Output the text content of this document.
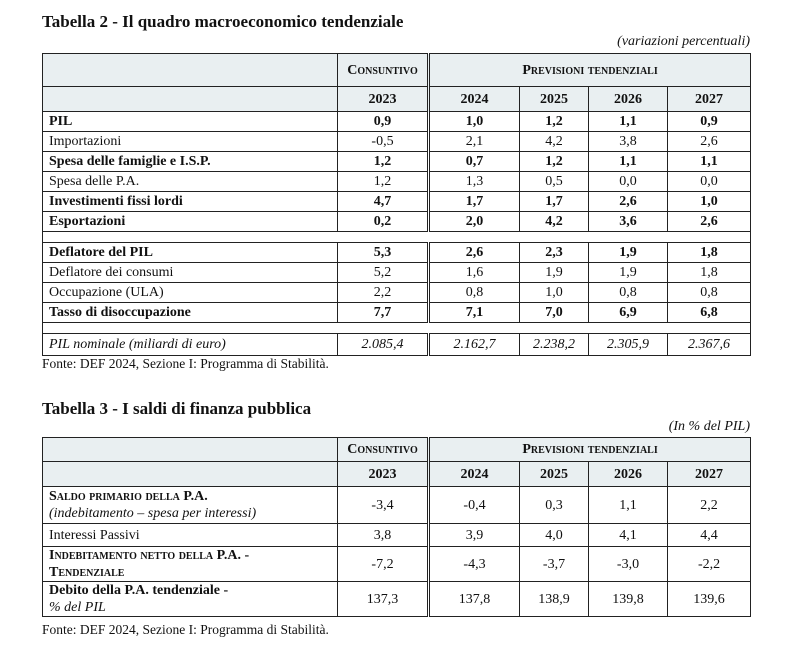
Tabella 2 - Il quadro macroeconomico tendenziale
(variazioni percentuali)
	Consuntivo	Previsioni tendenziali			
	2023	2024	2025	2026	2027
PIL	0,9	1,0	1,2	1,1	0,9
Importazioni	-0,5	2,1	4,2	3,8	2,6
Spesa delle famiglie e I.S.P.	1,2	0,7	1,2	1,1	1,1
Spesa delle P.A.	1,2	1,3	0,5	0,0	0,0
Investimenti fissi lordi	4,7	1,7	1,7	2,6	1,0
Esportazioni	0,2	2,0	4,2	3,6	2,6

Deflatore del PIL	5,3	2,6	2,3	1,9	1,8
Deflatore dei consumi	5,2	1,6	1,9	1,9	1,8
Occupazione (ULA)	2,2	0,8	1,0	0,8	0,8
Tasso di disoccupazione	7,7	7,1	7,0	6,9	6,8

PIL nominale (miliardi di euro)	2.085,4	2.162,7	2.238,2	2.305,9	2.367,6
Fonte: DEF 2024, Sezione I: Programma di Stabilità.
Tabella 3 - I saldi di finanza pubblica
(In % del PIL)
	Consuntivo	Previsioni tendenziali			
	2023	2024	2025	2026	2027

Saldo primario della P.A.
(indebitamento – spesa per interessi)	-3,4	-0,4	0,3	1,1	2,2

Interessi Passivi	3,8	3,9	4,0	4,1	4,4

Indebitamento netto della P.A. -
Tendenziale	-7,2	-4,3	-3,7	-3,0	-2,2

Debito della P.A. tendenziale -
% del PIL	137,3	137,8	138,9	139,8	139,6
Fonte: DEF 2024, Sezione I: Programma di Stabilità.
